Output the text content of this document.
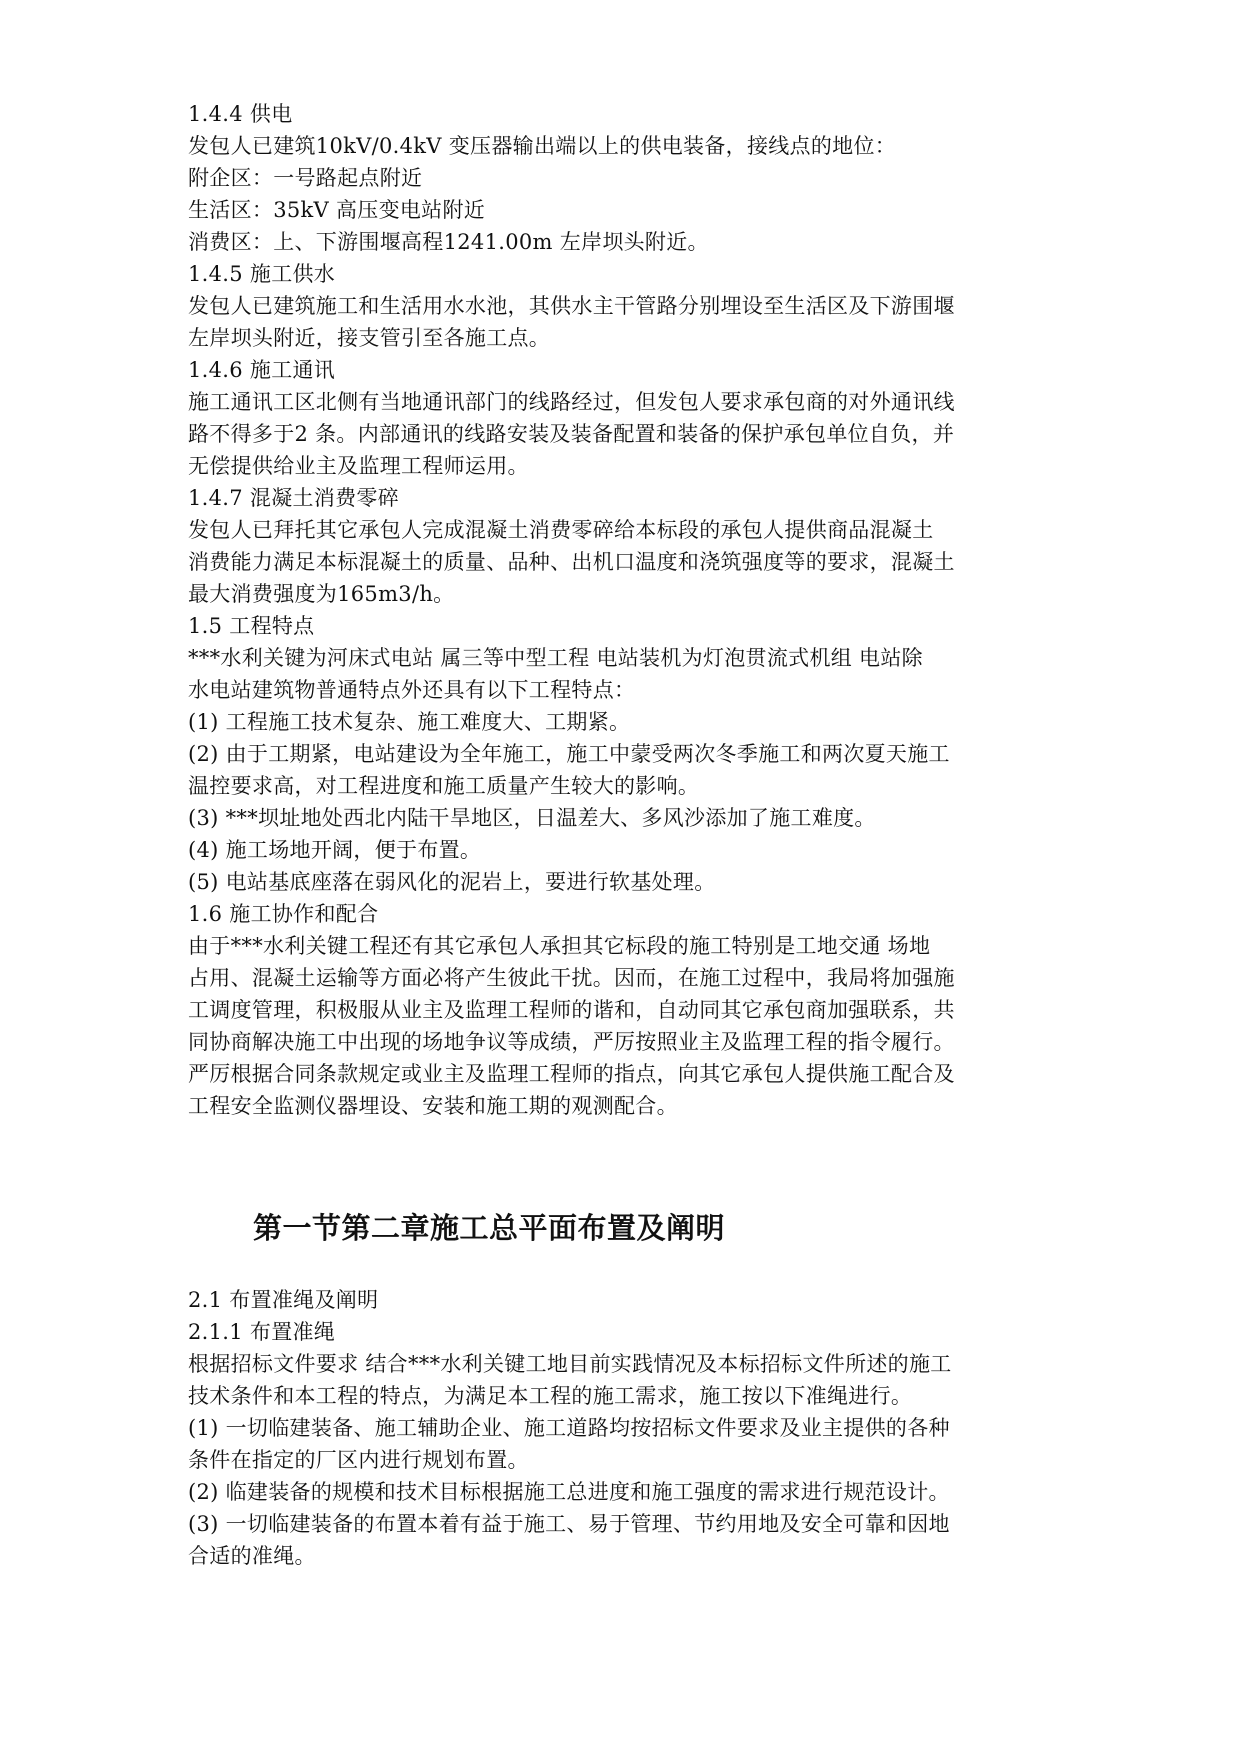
1.4.4 供电
发包人已建筑10kV/0.4kV 变压器输出端以上的供电装备，接线点的地位：
附企区：一号路起点附近
生活区：35kV 高压变电站附近
消费区：上、下游围堰高程1241.00m 左岸坝头附近。
1.4.5 施工供水
发包人已建筑施工和生活用水水池，其供水主干管路分别埋设至生活区及下游围堰
左岸坝头附近，接支管引至各施工点。
1.4.6 施工通讯
施工通讯工区北侧有当地通讯部门的线路经过，但发包人要求承包商的对外通讯线
路不得多于2 条。内部通讯的线路安装及装备配置和装备的保护承包单位自负，并
无偿提供给业主及监理工程师运用。
1.4.7 混凝土消费零碎
发包人已拜托其它承包人完成混凝土消费零碎给本标段的承包人提供商品混凝土
消费能力满足本标混凝土的质量、品种、出机口温度和浇筑强度等的要求，混凝土
最大消费强度为165m3/h。
1.5 工程特点
***水利关键为河床式电站 属三等中型工程 电站装机为灯泡贯流式机组 电站除
水电站建筑物普通特点外还具有以下工程特点：
(1) 工程施工技术复杂、施工难度大、工期紧。
(2) 由于工期紧，电站建设为全年施工，施工中蒙受两次冬季施工和两次夏天施工
温控要求高，对工程进度和施工质量产生较大的影响。
(3) ***坝址地处西北内陆干旱地区，日温差大、多风沙添加了施工难度。
(4) 施工场地开阔，便于布置。
(5) 电站基底座落在弱风化的泥岩上，要进行软基处理。
1.6 施工协作和配合
由于***水利关键工程还有其它承包人承担其它标段的施工特别是工地交通 场地
占用、混凝土运输等方面必将产生彼此干扰。因而，在施工过程中，我局将加强施
工调度管理，积极服从业主及监理工程师的谐和，自动同其它承包商加强联系，共
同协商解决施工中出现的场地争议等成绩，严厉按照业主及监理工程的指令履行。
严厉根据合同条款规定或业主及监理工程师的指点，向其它承包人提供施工配合及
工程安全监测仪器埋设、安装和施工期的观测配合。
第一节第二章施工总平面布置及阐明
2.1 布置准绳及阐明
2.1.1 布置准绳
根据招标文件要求 结合***水利关键工地目前实践情况及本标招标文件所述的施工
技术条件和本工程的特点，为满足本工程的施工需求，施工按以下准绳进行。
(1) 一切临建装备、施工辅助企业、施工道路均按招标文件要求及业主提供的各种
条件在指定的厂区内进行规划布置。
(2) 临建装备的规模和技术目标根据施工总进度和施工强度的需求进行规范设计。
(3) 一切临建装备的布置本着有益于施工、易于管理、节约用地及安全可靠和因地
合适的准绳。
